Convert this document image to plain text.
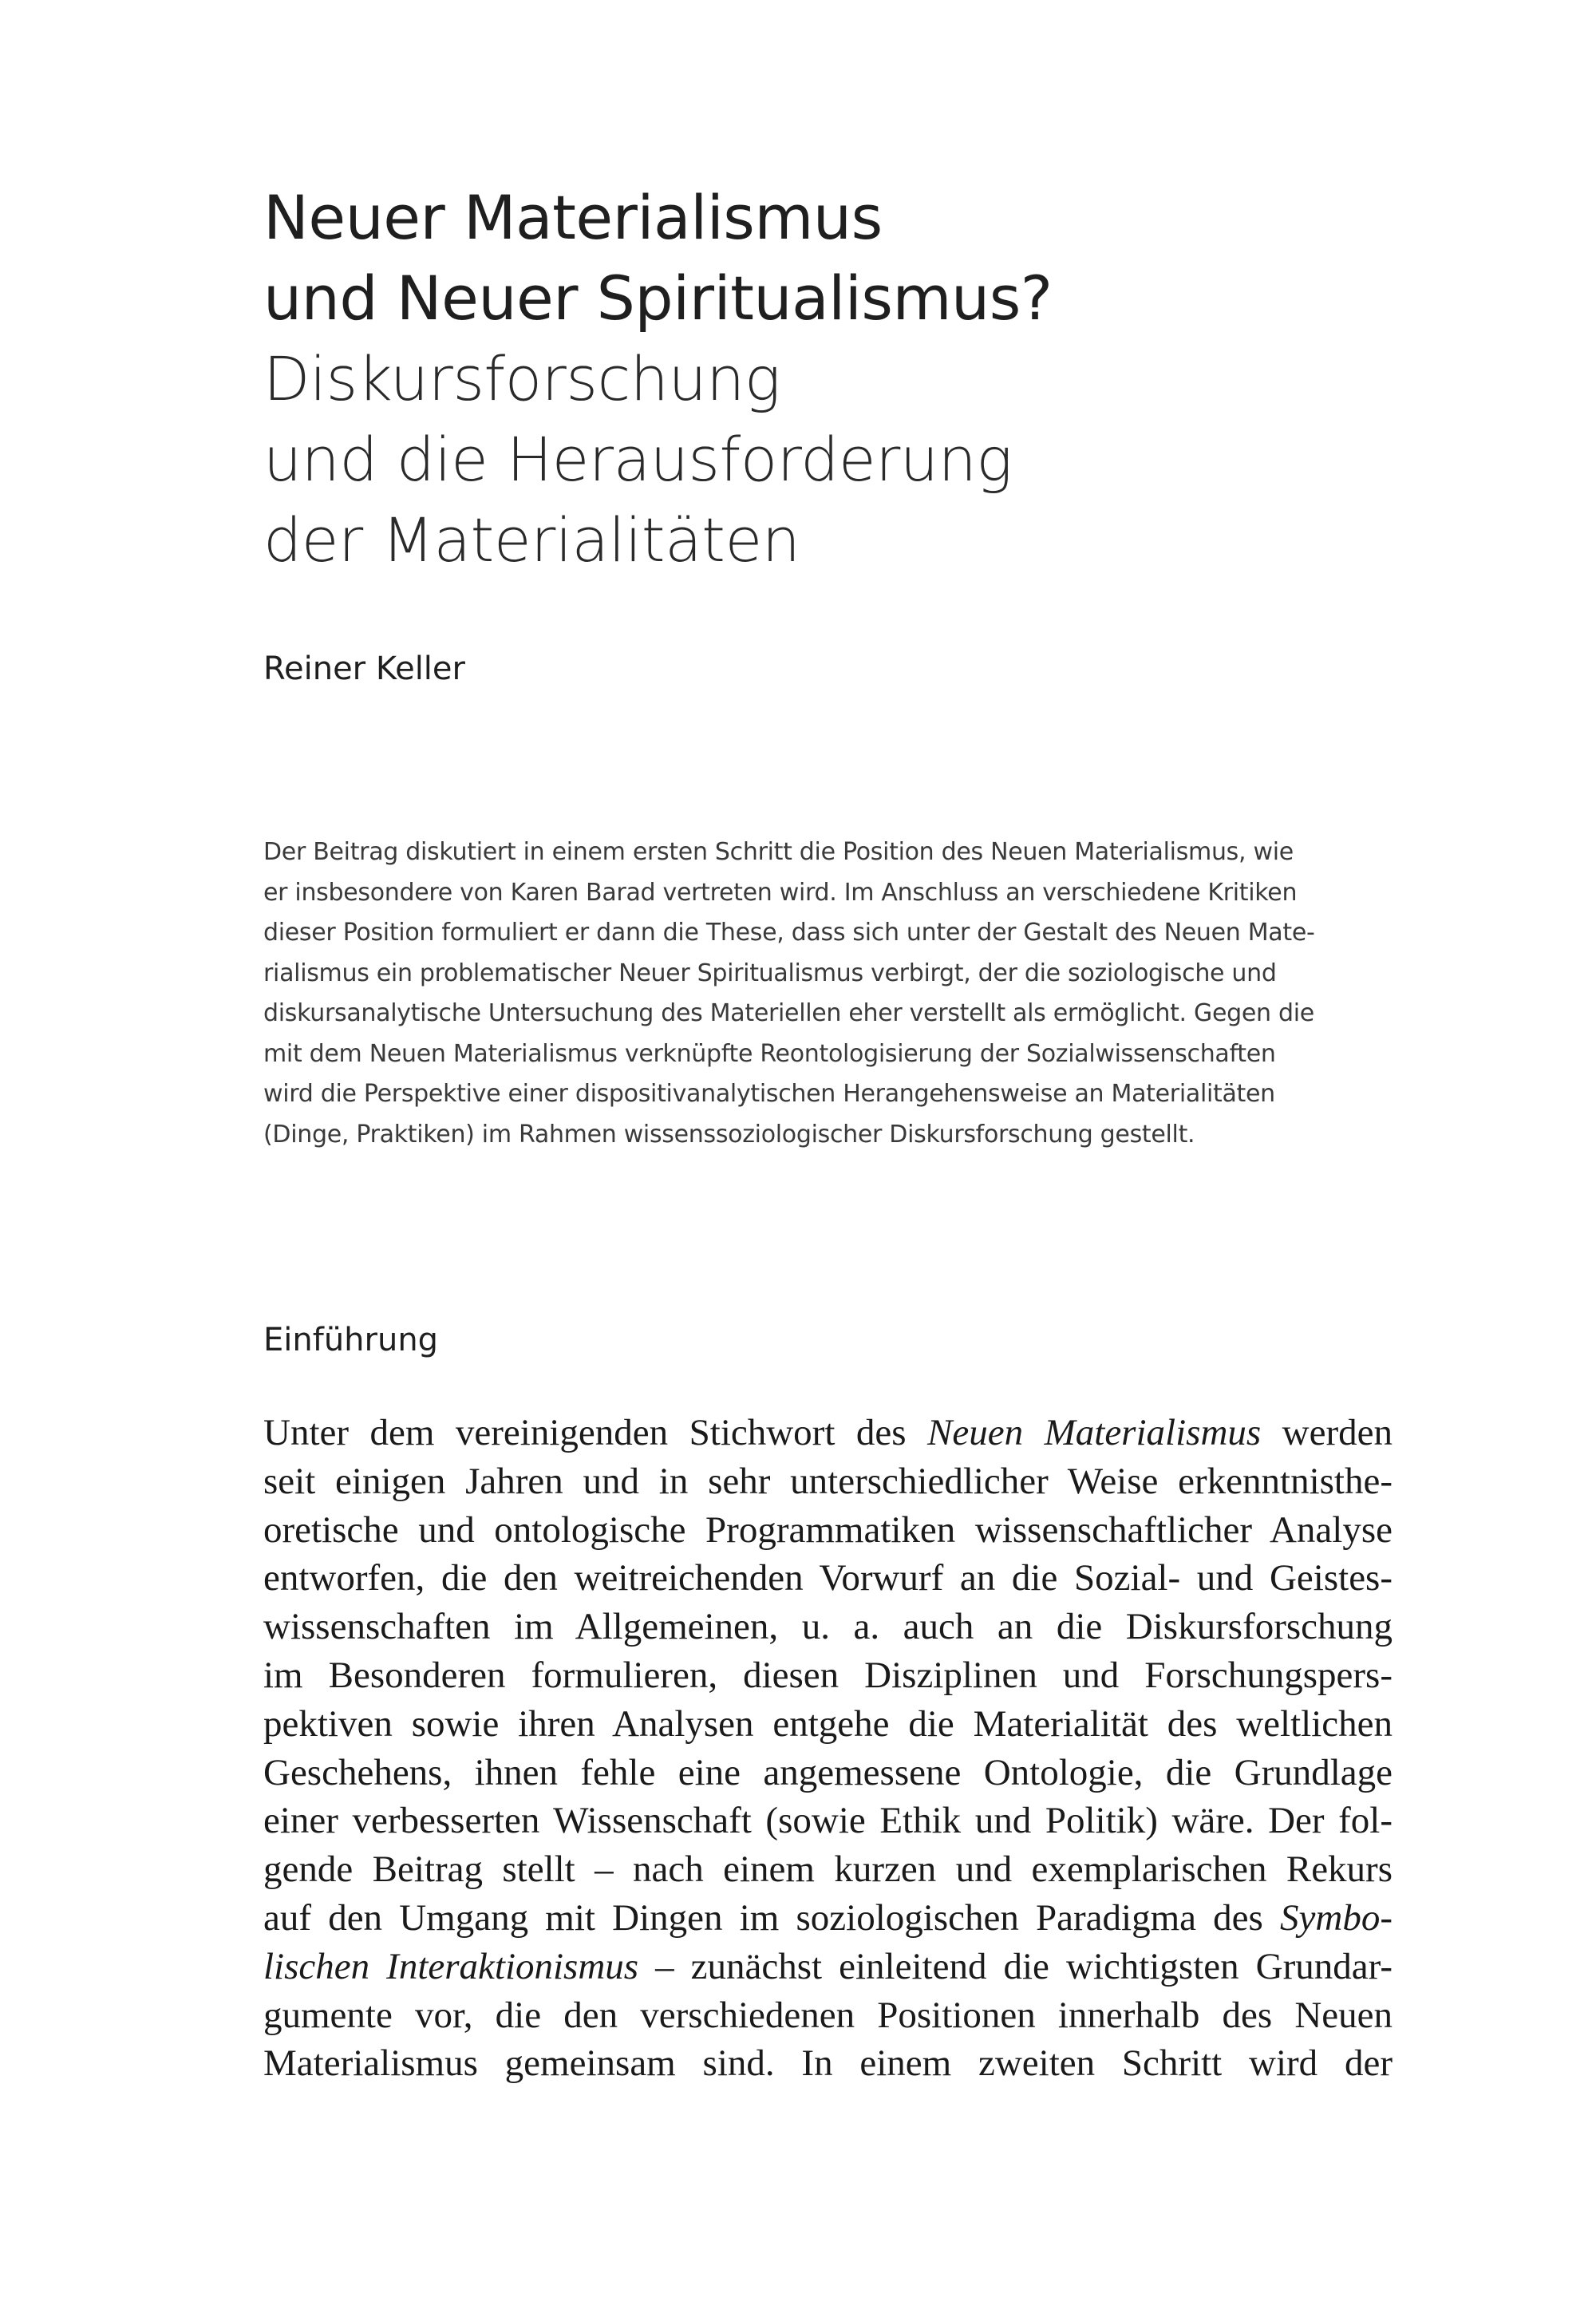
Neuer Materialismus
und Neuer Spiritualismus?
Diskursforschung
und die Herausforderung
der Materialitäten
Reiner Keller
Der Beitrag diskutiert in einem ersten Schritt die Position des Neuen Materialismus, wie
er insbesondere von Karen Barad vertreten wird. Im Anschluss an verschiedene Kritiken
dieser Position formuliert er dann die These, dass sich unter der Gestalt des Neuen Mate-
rialismus ein problematischer Neuer Spiritualismus verbirgt, der die soziologische und
diskursanalytische Untersuchung des Materiellen eher verstellt als ermöglicht. Gegen die
mit dem Neuen Materialismus verknüpfte Reontologisierung der Sozialwissenschaften
wird die Perspektive einer dispositivanalytischen Herangehensweise an Materialitäten
(Dinge, Praktiken) im Rahmen wissenssoziologischer Diskursforschung gestellt.
Einführung
Unter dem vereinigenden Stichwort des Neuen Materialismus werden
seit einigen Jahren und in sehr unterschiedlicher Weise erkenntnisthe-
oretische und ontologische Programmatiken wissenschaftlicher Analyse
entworfen, die den weitreichenden Vorwurf an die Sozial- und Geistes-
wissenschaften im Allgemeinen, u. a. auch an die Diskursforschung
im Besonderen formulieren, diesen Disziplinen und Forschungspers-
pektiven sowie ihren Analysen entgehe die Materialität des weltlichen
Geschehens, ihnen fehle eine angemessene Ontologie, die Grundlage
einer verbesserten Wissenschaft (sowie Ethik und Politik) wäre. Der fol-
gende Beitrag stellt – nach einem kurzen und exemplarischen Rekurs
auf den Umgang mit Dingen im soziologischen Paradigma des Symbo-
lischen Interaktionismus – zunächst einleitend die wichtigsten Grundar-
gumente vor, die den verschiedenen Positionen innerhalb des Neuen
Materialismus gemeinsam sind. In einem zweiten Schritt wird der
